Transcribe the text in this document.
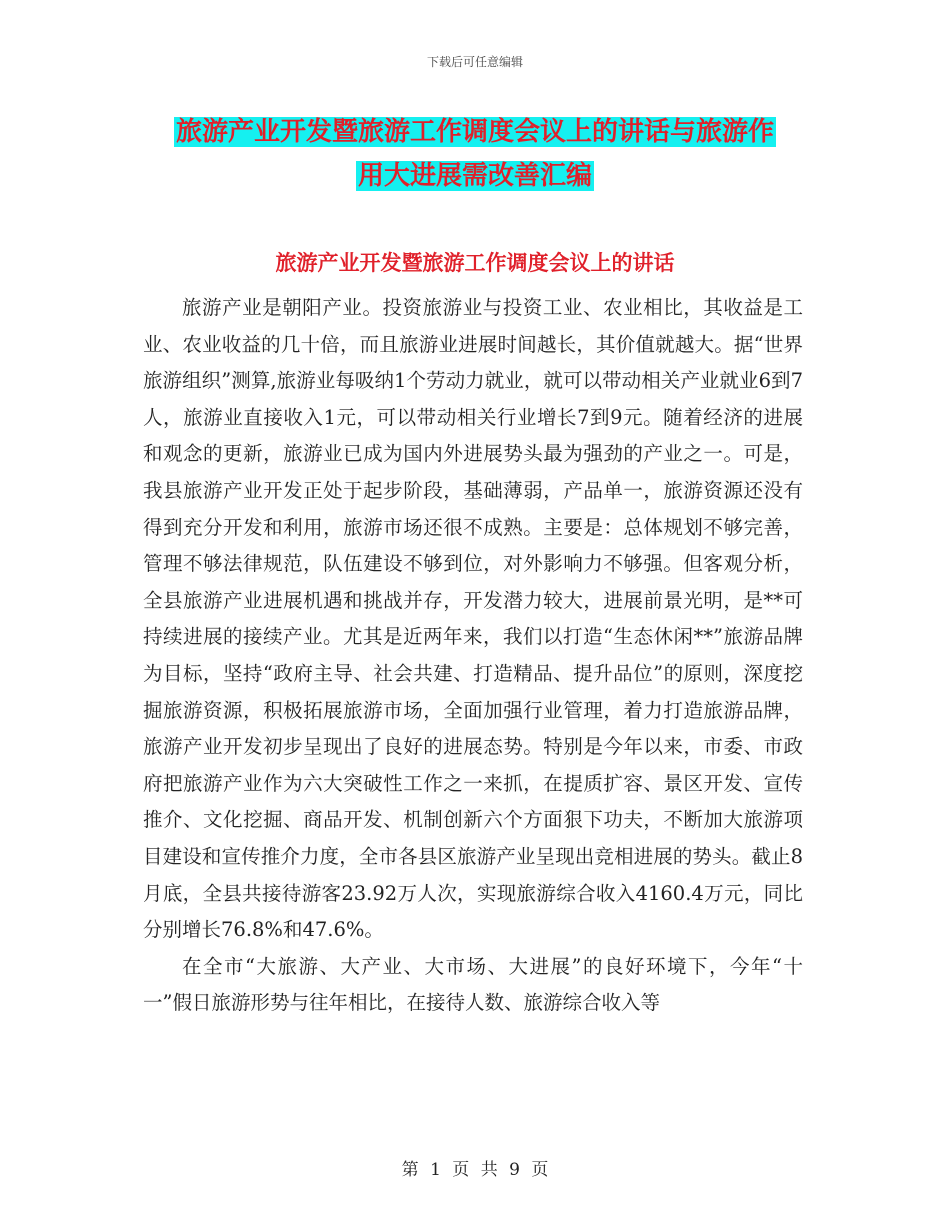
下载后可任意编辑
旅游产业开发暨旅游工作调度会议上的讲话与旅游作
用大进展需改善汇编
旅游产业开发暨旅游工作调度会议上的讲话

旅游产业是朝阳产业。投资旅游业与投资工业、农业相比，其收益是工业、农业收益的几十倍，而且旅游业进展时间越长，其价值就越大。据“世界旅游组织”测算,旅游业每吸纳1个劳动力就业，就可以带动相关产业就业6到7人，旅游业直接收入1元，可以带动相关行业增长7到9元。随着经济的进展和观念的更新，旅游业已成为国内外进展势头最为强劲的产业之一。可是，我县旅游产业开发正处于起步阶段，基础薄弱，产品单一，旅游资源还没有得到充分开发和利用，旅游市场还很不成熟。主要是：总体规划不够完善，管理不够法律规范，队伍建设不够到位，对外影响力不够强。但客观分析，全县旅游产业进展机遇和挑战并存，开发潜力较大，进展前景光明，是**可持续进展的接续产业。尤其是近两年来，我们以打造“生态休闲**”旅游品牌为目标，坚持“政府主导、社会共建、打造精品、提升品位”的原则，深度挖掘旅游资源，积极拓展旅游市场，全面加强行业管理，着力打造旅游品牌，旅游产业开发初步呈现出了良好的进展态势。特别是今年以来，市委、市政府把旅游产业作为六大突破性工作之一来抓，在提质扩容、景区开发、宣传推介、文化挖掘、商品开发、机制创新六个方面狠下功夫，不断加大旅游项目建设和宣传推介力度，全市各县区旅游产业呈现出竞相进展的势头。截止8月底，全县共接待游客23.92万人次，实现旅游综合收入4160.4万元，同比分别增长76.8%和47.6%。

在全市“大旅游、大产业、大市场、大进展”的良好环境下，今年“十一”假日旅游形势与往年相比，在接待人数、旅游综合收入等

第 1 页 共 9 页
